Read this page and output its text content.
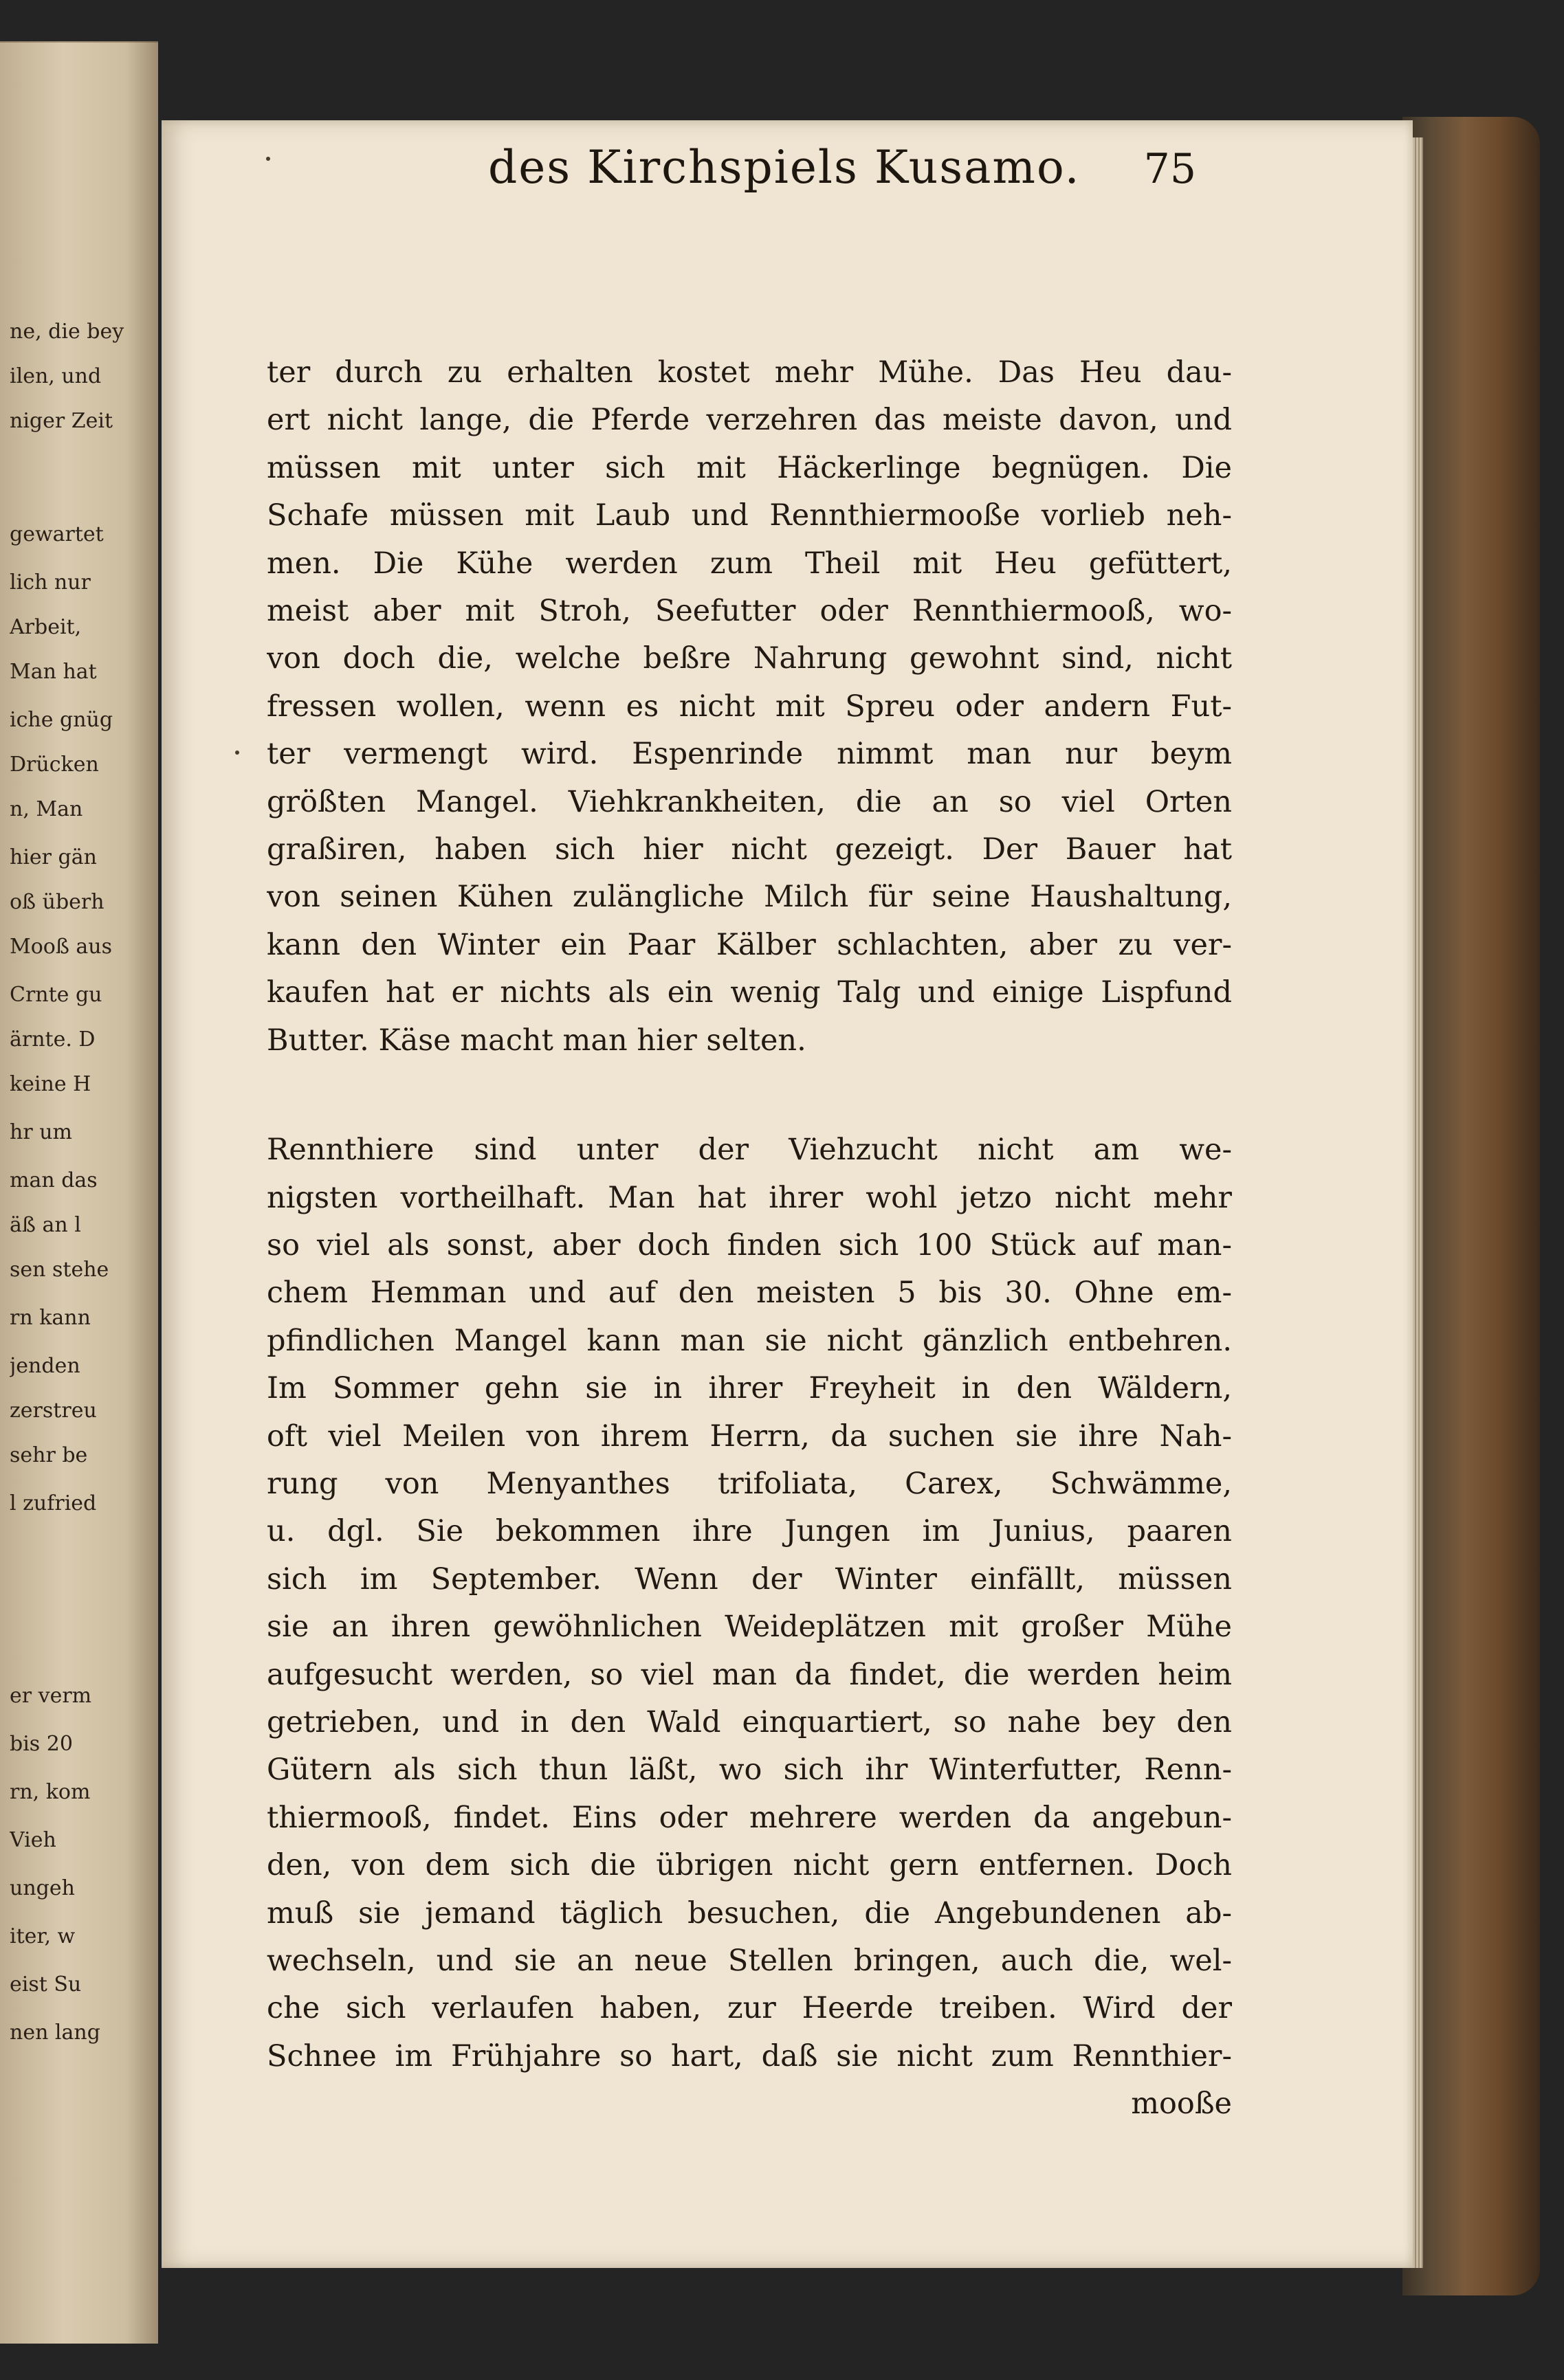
ne, die bey
ilen, und
niger Zeit
gewartet
lich nur
Arbeit,
Man hat
iche gnüg
Drücken
n, Man
hier gän
oß überh
Mooß aus
Crnte gu
ärnte. D
keine H
hr um
man das
äß an l
sen stehe
rn kann
jenden
zerstreu
sehr be
l zufried
er verm
bis 20
rn, kom
Vieh
ungeh
iter, w
eist Su
nen lang
des Kirchspiels Kusamo. 75
ter durch zu erhalten kostet mehr Mühe. Das Heu dau-
ert nicht lange, die Pferde verzehren das meiste davon, und
müssen mit unter sich mit Häckerlinge begnügen. Die
Schafe müssen mit Laub und Rennthiermooße vorlieb neh-
men. Die Kühe werden zum Theil mit Heu gefüttert,
meist aber mit Stroh, Seefutter oder Rennthiermooß, wo-
von doch die, welche beßre Nahrung gewohnt sind, nicht
fressen wollen, wenn es nicht mit Spreu oder andern Fut-
ter vermengt wird. Espenrinde nimmt man nur beym
größten Mangel. Viehkrankheiten, die an so viel Orten
graßiren, haben sich hier nicht gezeigt. Der Bauer hat
von seinen Kühen zulängliche Milch für seine Haushaltung,
kann den Winter ein Paar Kälber schlachten, aber zu ver-
kaufen hat er nichts als ein wenig Talg und einige Lispfund
Butter. Käse macht man hier selten.
Rennthiere sind unter der Viehzucht nicht am we-
nigsten vortheilhaft. Man hat ihrer wohl jetzo nicht mehr
so viel als sonst, aber doch finden sich 100 Stück auf man-
chem Hemman und auf den meisten 5 bis 30. Ohne em-
pfindlichen Mangel kann man sie nicht gänzlich entbehren.
Im Sommer gehn sie in ihrer Freyheit in den Wäldern,
oft viel Meilen von ihrem Herrn, da suchen sie ihre Nah-
rung von Menyanthes trifoliata, Carex, Schwämme,
u. dgl. Sie bekommen ihre Jungen im Junius, paaren
sich im September. Wenn der Winter einfällt, müssen
sie an ihren gewöhnlichen Weideplätzen mit großer Mühe
aufgesucht werden, so viel man da findet, die werden heim
getrieben, und in den Wald einquartiert, so nahe bey den
Gütern als sich thun läßt, wo sich ihr Winterfutter, Renn-
thiermooß, findet. Eins oder mehrere werden da angebun-
den, von dem sich die übrigen nicht gern entfernen. Doch
muß sie jemand täglich besuchen, die Angebundenen ab-
wechseln, und sie an neue Stellen bringen, auch die, wel-
che sich verlaufen haben, zur Heerde treiben. Wird der
Schnee im Frühjahre so hart, daß sie nicht zum Rennthier-
mooße
